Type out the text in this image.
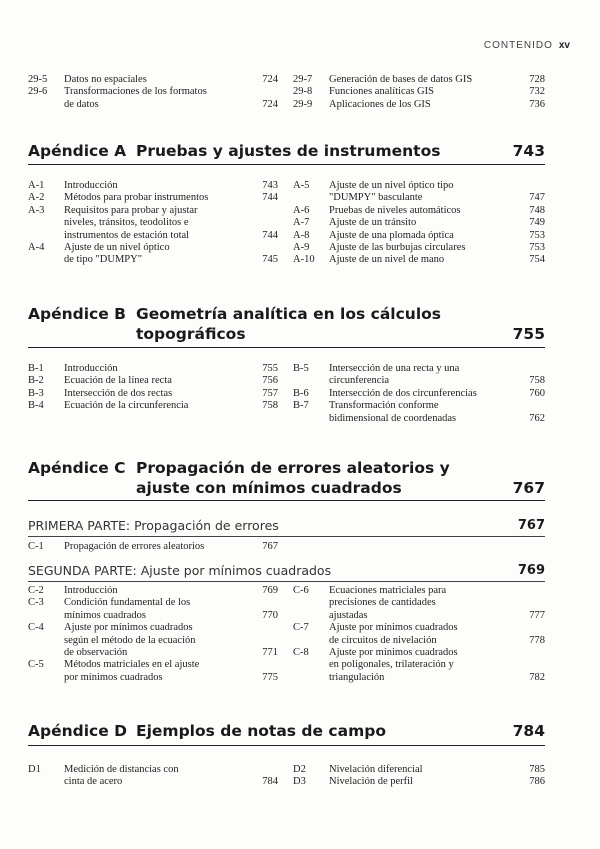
CONTENIDO xv
29-5	Datos no espaciales	724
29-6	Transformaciones de los formatos
de datos	724
29-7	Generación de bases de datos GIS	728
29-8	Funciones analíticas GIS	732
29-9	Aplicaciones de los GIS	736
Apéndice A Pruebas y ajustes de instrumentos	743
A-1	Introducción	743
A-2	Métodos para probar instrumentos	744
A-3	Requisitos para probar y ajustar
niveles, tránsitos, teodolitos e
instrumentos de estación total	744
A-4	Ajuste de un nivel óptico
de tipo "DUMPY"	745
A-5	Ajuste de un nivel óptico tipo
"DUMPY" basculante	747
A-6	Pruebas de niveles automáticos	748
A-7	Ajuste de un tránsito	749
A-8	Ajuste de una plomada óptica	753
A-9	Ajuste de las burbujas circulares	753
A-10	Ajuste de un nivel de mano	754
Apéndice B Geometría analítica en los cálculos
topográficos	755
B-1	Introducción	755
B-2	Ecuación de la línea recta	756
B-3	Intersección de dos rectas	757
B-4	Ecuación de la circunferencia	758
B-5	Intersección de una recta y una
circunferencia	758
B-6	Intersección de dos circunferencias	760
B-7	Transformación conforme
bidimensional de coordenadas	762
Apéndice C Propagación de errores aleatorios y
ajuste con mínimos cuadrados	767
PRIMERA PARTE: Propagación de errores	767
C-1	Propagación de errores aleatorios	767
SEGUNDA PARTE: Ajuste por mínimos cuadrados	769
C-2	Introducción	769
C-3	Condición fundamental de los
mínimos cuadrados	770
C-4	Ajuste por mínimos cuadrados
según el método de la ecuación
de observación	771
C-5	Métodos matriciales en el ajuste
por mínimos cuadrados	775
C-6	Ecuaciones matriciales para
precisiones de cantidades
ajustadas	777
C-7	Ajuste por mínimos cuadrados
de circuitos de nivelación	778
C-8	Ajuste por mínimos cuadrados
en poligonales, trilateración y
triangulación	782
Apéndice D Ejemplos de notas de campo	784
D1	Medición de distancias con
cinta de acero	784
D2	Nivelación diferencial	785
D3	Nivelación de perfil	786
